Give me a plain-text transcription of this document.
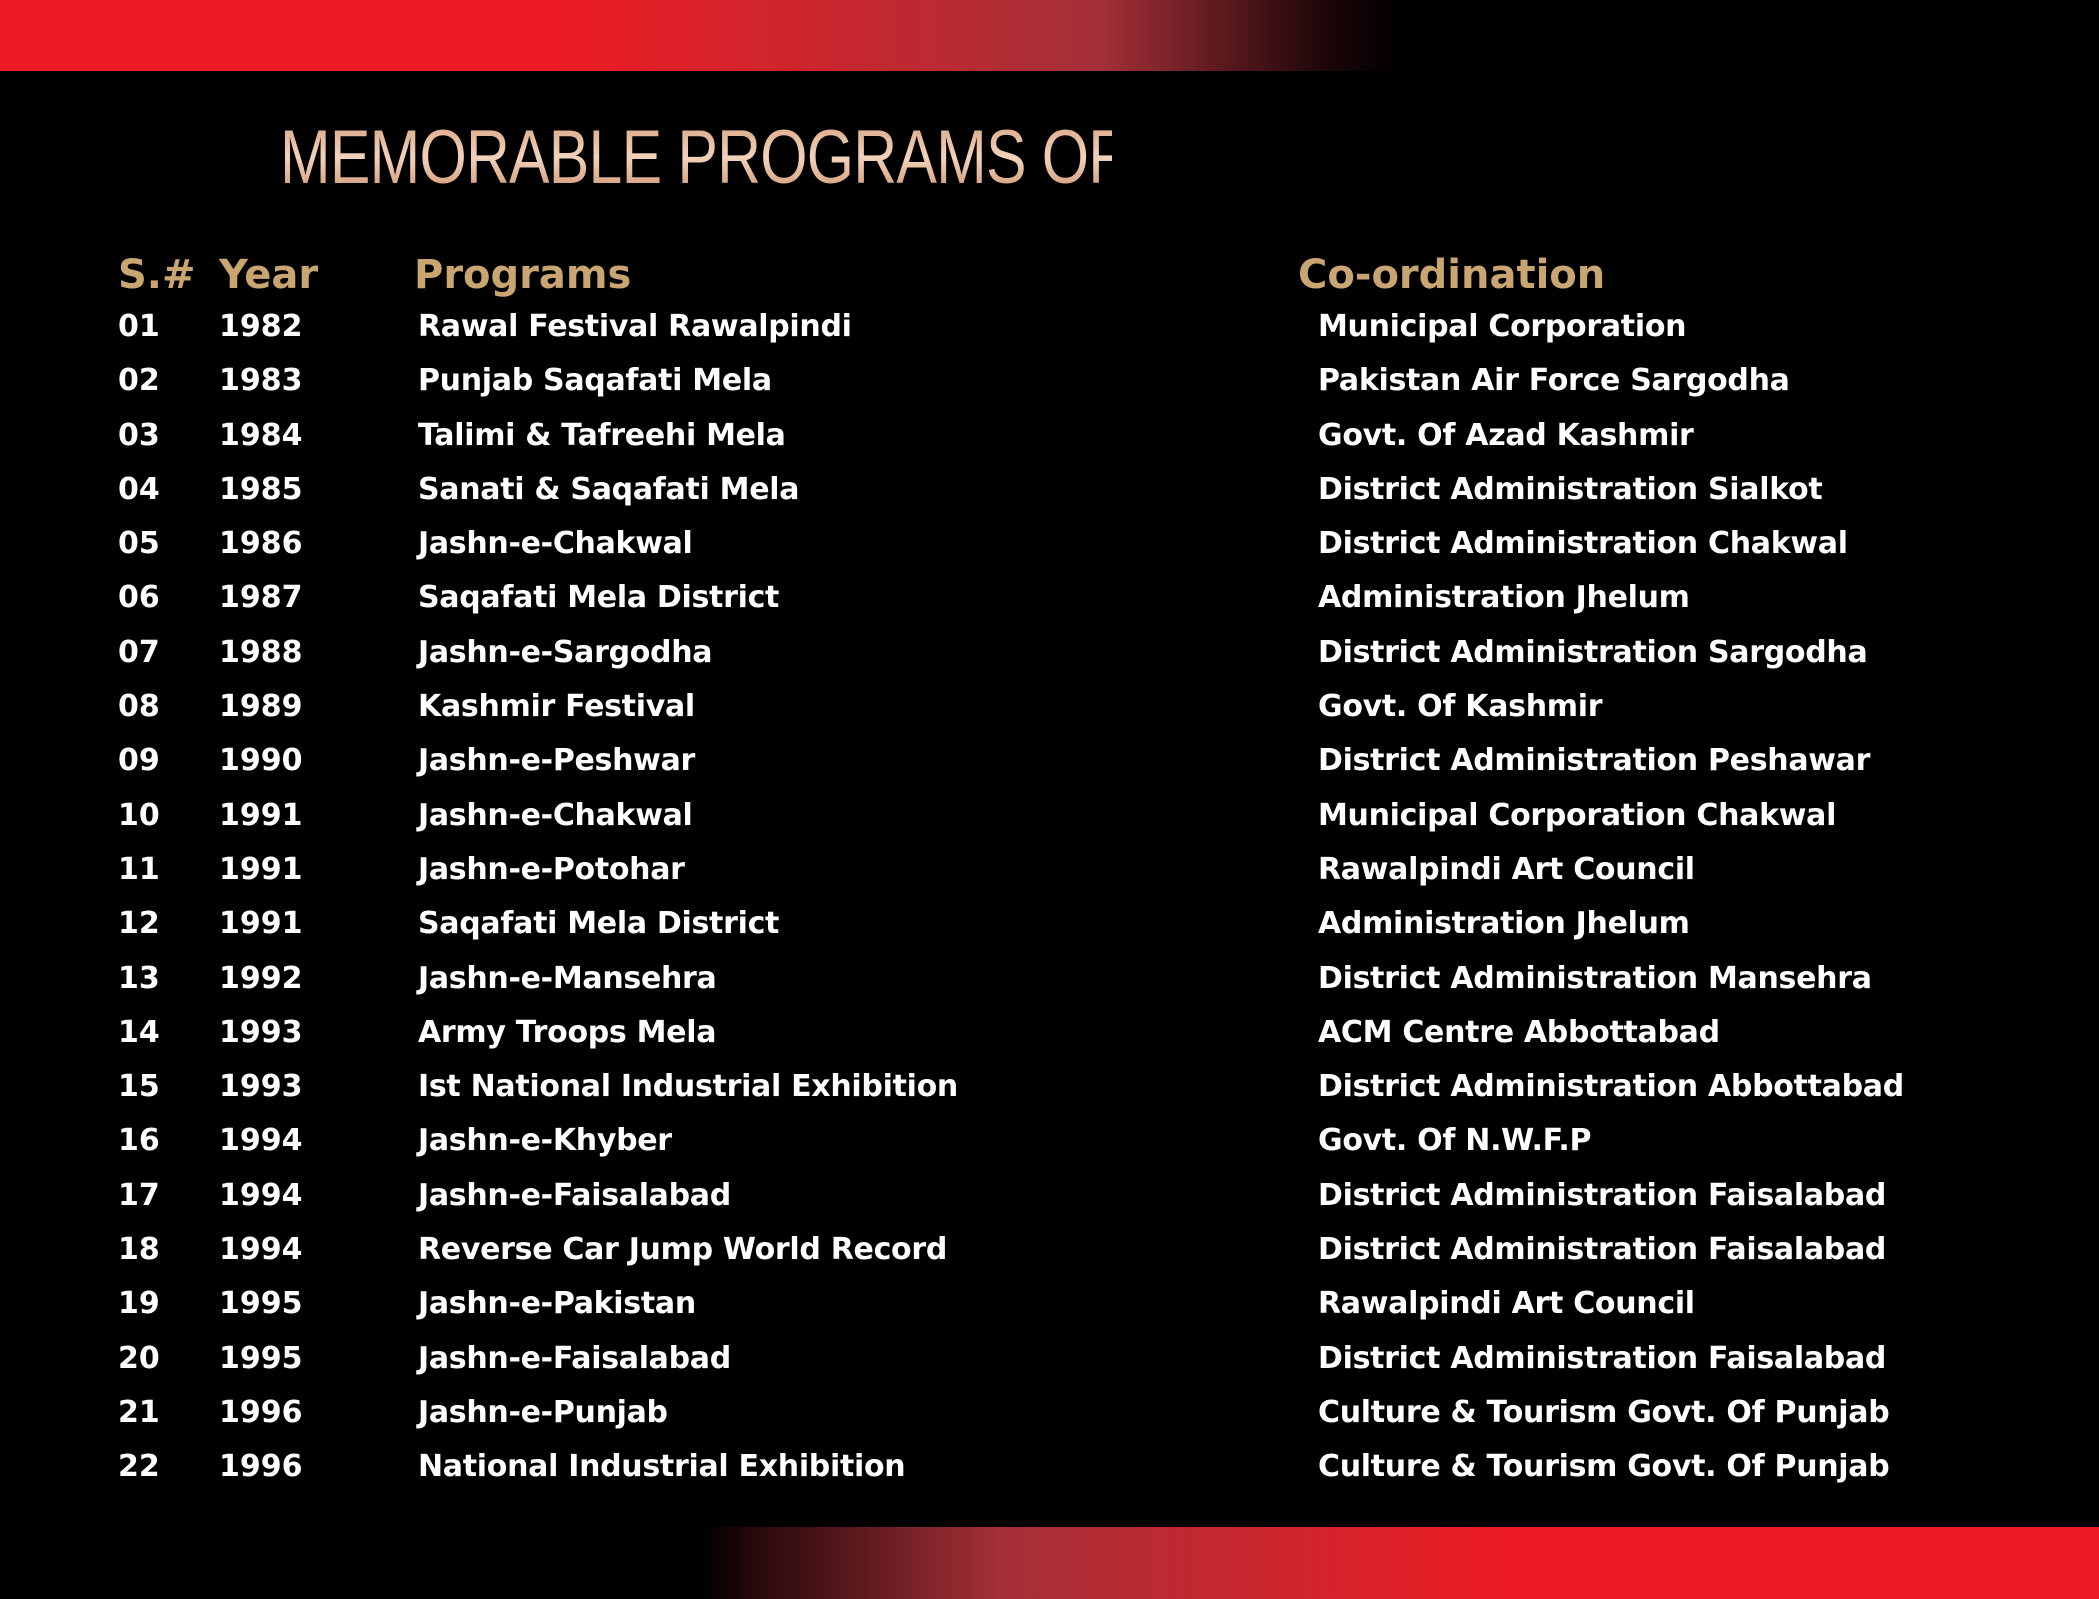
MEMORABLE PROGRAMS ORGANIZED BY MEN
S.# Year Programs	Co-ordination
01 1982	Rawal Festival Rawalpindi	Municipal Corporation
02 1983	Punjab Saqafati Mela	Pakistan Air Force Sargodha
03 1984	Talimi & Tafreehi Mela	Govt. Of Azad Kashmir
04 1985	Sanati & Saqafati Mela	District Administration Sialkot
05 1986	Jashn-e-Chakwal	District Administration Chakwal
06 1987	Saqafati Mela District	Administration Jhelum
07 1988	Jashn-e-Sargodha	District Administration Sargodha
08 1989	Kashmir Festival	Govt. Of Kashmir
09 1990	Jashn-e-Peshwar	District Administration Peshawar
10 1991	Jashn-e-Chakwal	Municipal Corporation Chakwal
11 1991	Jashn-e-Potohar	Rawalpindi Art Council
12 1991	Saqafati Mela District	Administration Jhelum
13 1992	Jashn-e-Mansehra	District Administration Mansehra
14 1993	Army Troops Mela	ACM Centre Abbottabad
15 1993	Ist National Industrial Exhibition	District Administration Abbottabad
16 1994	Jashn-e-Khyber	Govt. Of N.W.F.P
17 1994	Jashn-e-Faisalabad	District Administration Faisalabad
18 1994	Reverse Car Jump World Record	District Administration Faisalabad
19 1995	Jashn-e-Pakistan	Rawalpindi Art Council
20 1995	Jashn-e-Faisalabad	District Administration Faisalabad
21 1996	Jashn-e-Punjab	Culture & Tourism Govt. Of Punjab
22 1996	National Industrial Exhibition	Culture & Tourism Govt. Of Punjab
